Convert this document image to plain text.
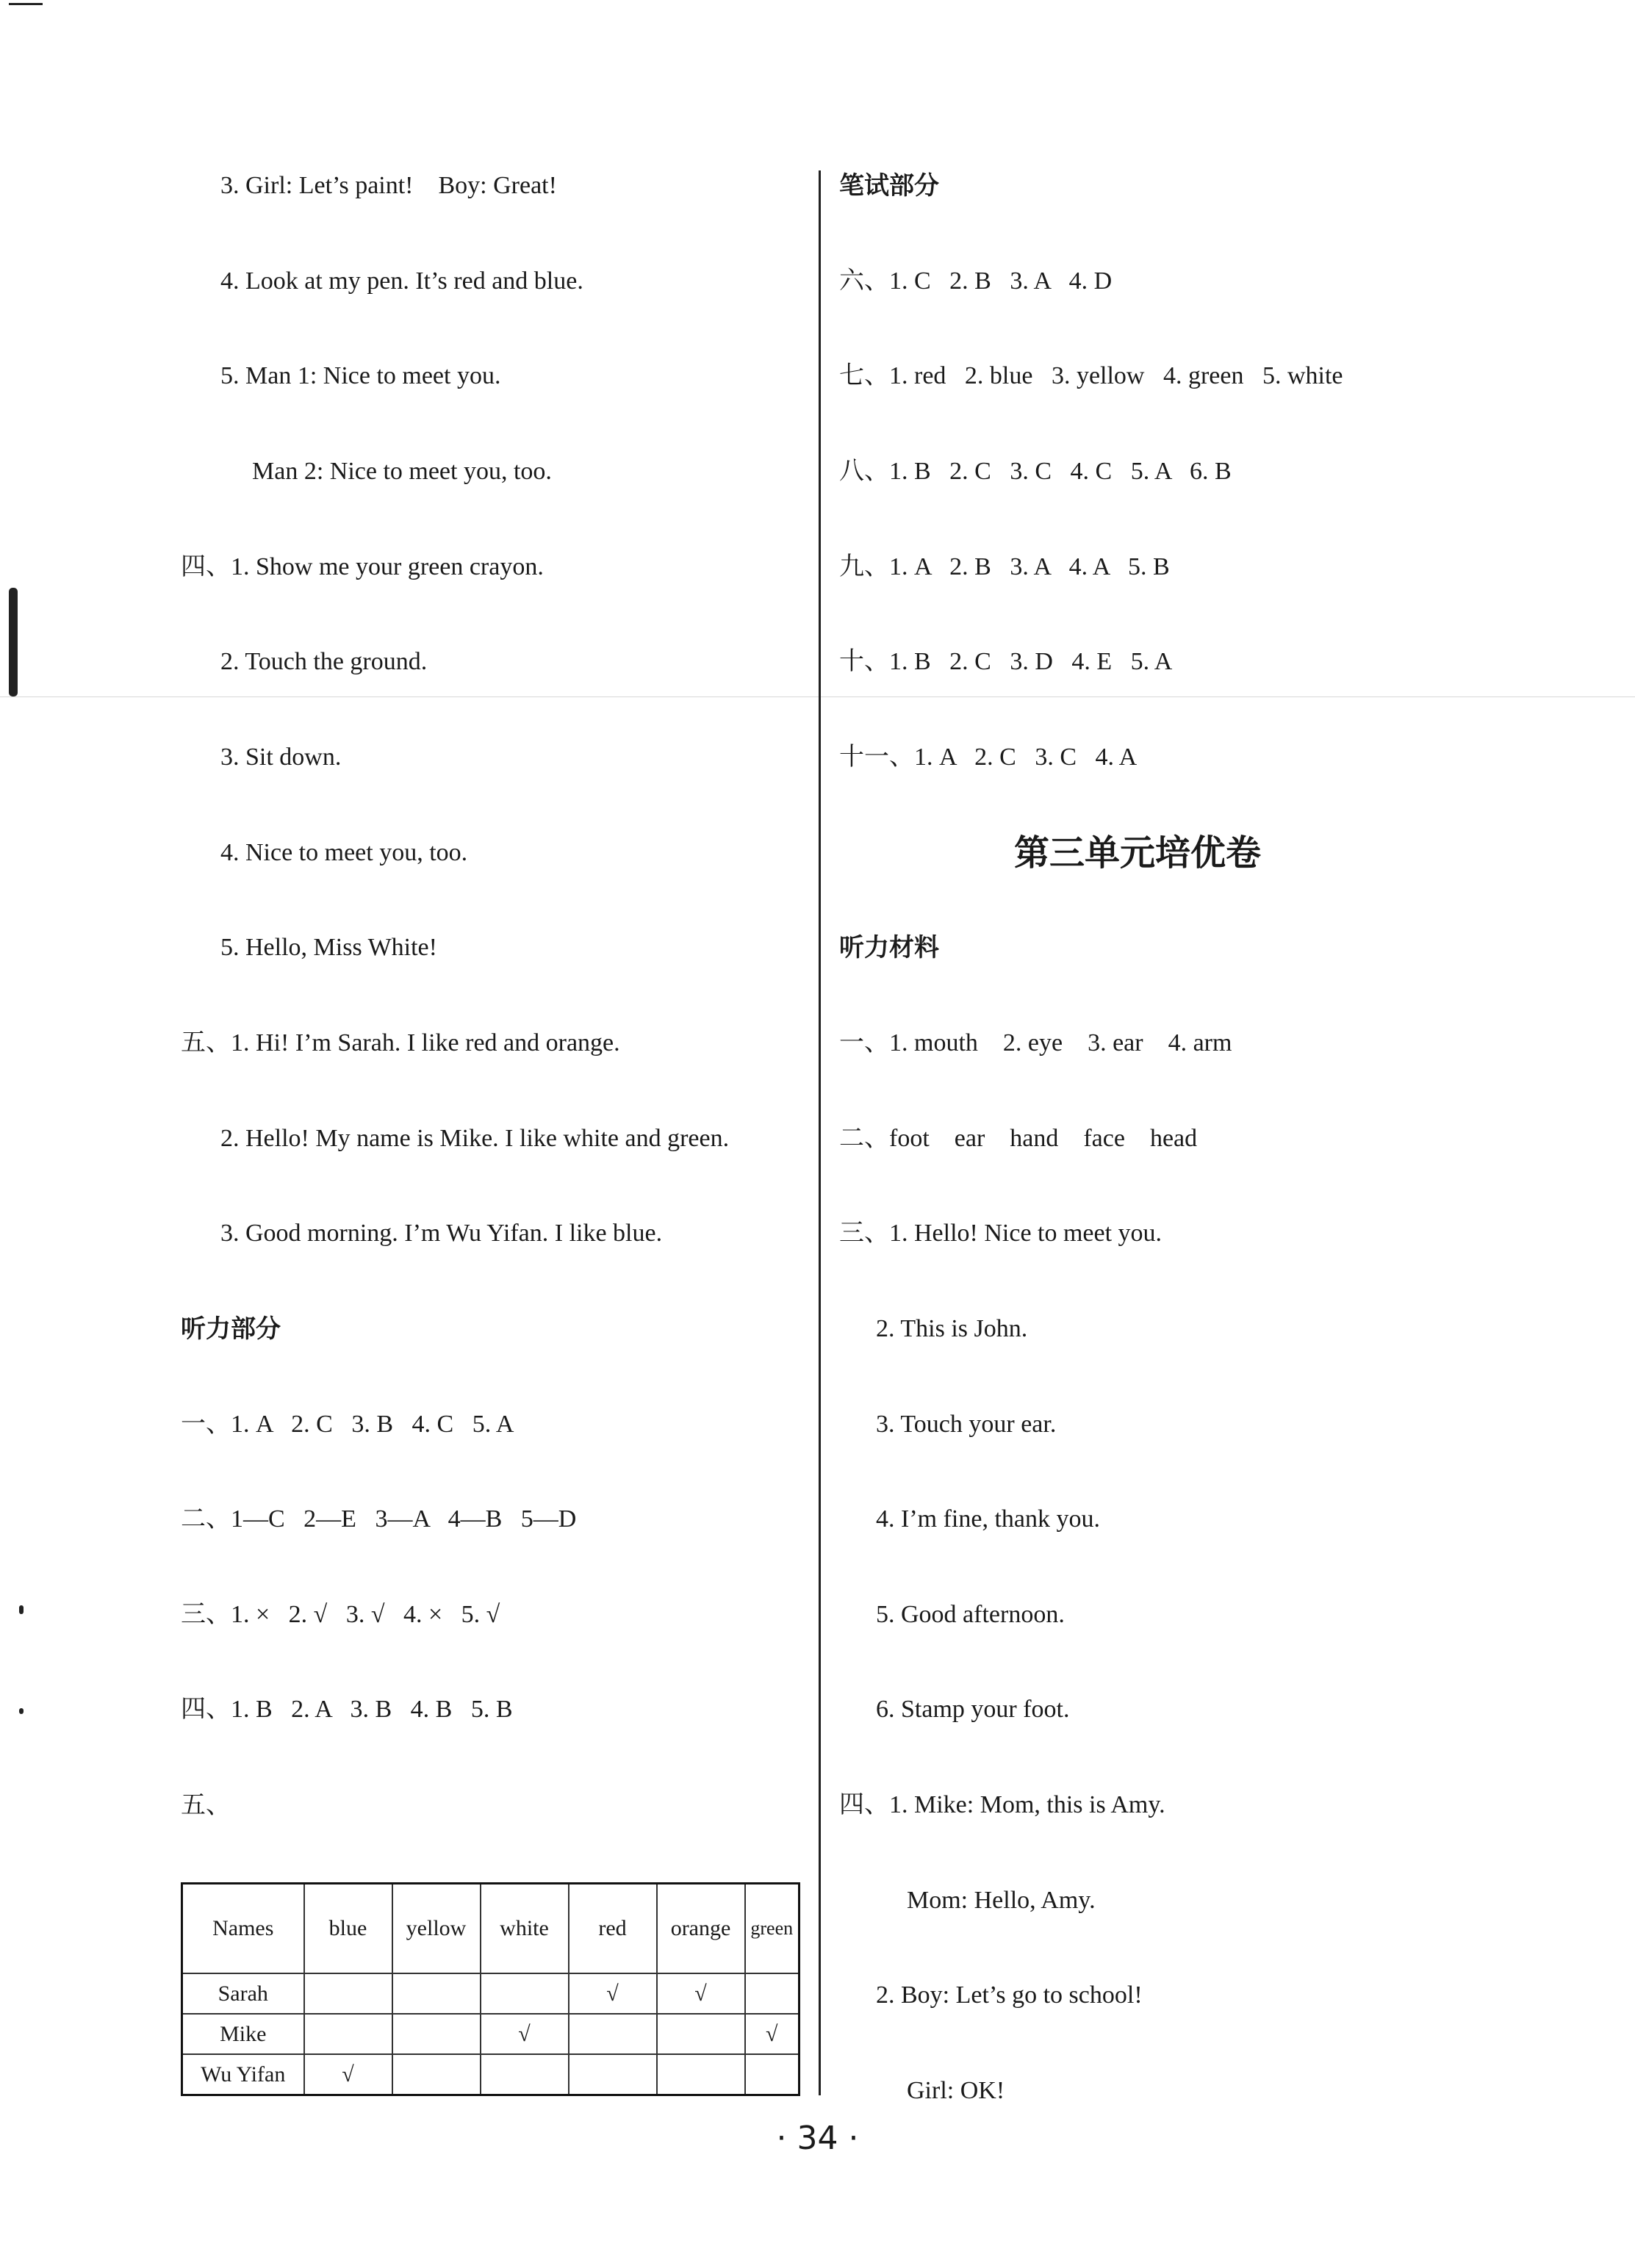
3. Girl: Let’s paint!    Boy: Great!
4. Look at my pen. It’s red and blue.
5. Man 1: Nice to meet you.
Man 2: Nice to meet you, too.
四、1. Show me your green crayon.
2. Touch the ground.
3. Sit down.
4. Nice to meet you, too.
5. Hello, Miss White!
五、1. Hi! I’m Sarah. I like red and orange.
2. Hello! My name is Mike. I like white and green.
3. Good morning. I’m Wu Yifan. I like blue.
听力部分
一、1. A   2. C   3. B   4. C   5. A
二、1—C   2—E   3—A   4—B   5—D
三、1. ×   2. √   3. √   4. ×   5. √
四、1. B   2. A   3. B   4. B   5. B
五、
Names	blue	yellow	white	red	orange	green
Sarah				√	√	
Mike			√			√
Wu Yifan	√					
笔试部分
六、1. C   2. B   3. A   4. D
七、1. red   2. blue   3. yellow   4. green   5. white
八、1. B   2. C   3. C   4. C   5. A   6. B
九、1. A   2. B   3. A   4. A   5. B
十、1. B   2. C   3. D   4. E   5. A
十一、1. A   2. C   3. C   4. A
第三单元培优卷
听力材料
一、1. mouth    2. eye    3. ear    4. arm
二、foot    ear    hand    face    head
三、1. Hello! Nice to meet you.
2. This is John.
3. Touch your ear.
4. I’m fine, thank you.
5. Good afternoon.
6. Stamp your foot.
四、1. Mike: Mom, this is Amy.
Mom: Hello, Amy.
2. Boy: Let’s go to school!
Girl: OK!
· 34 ·
